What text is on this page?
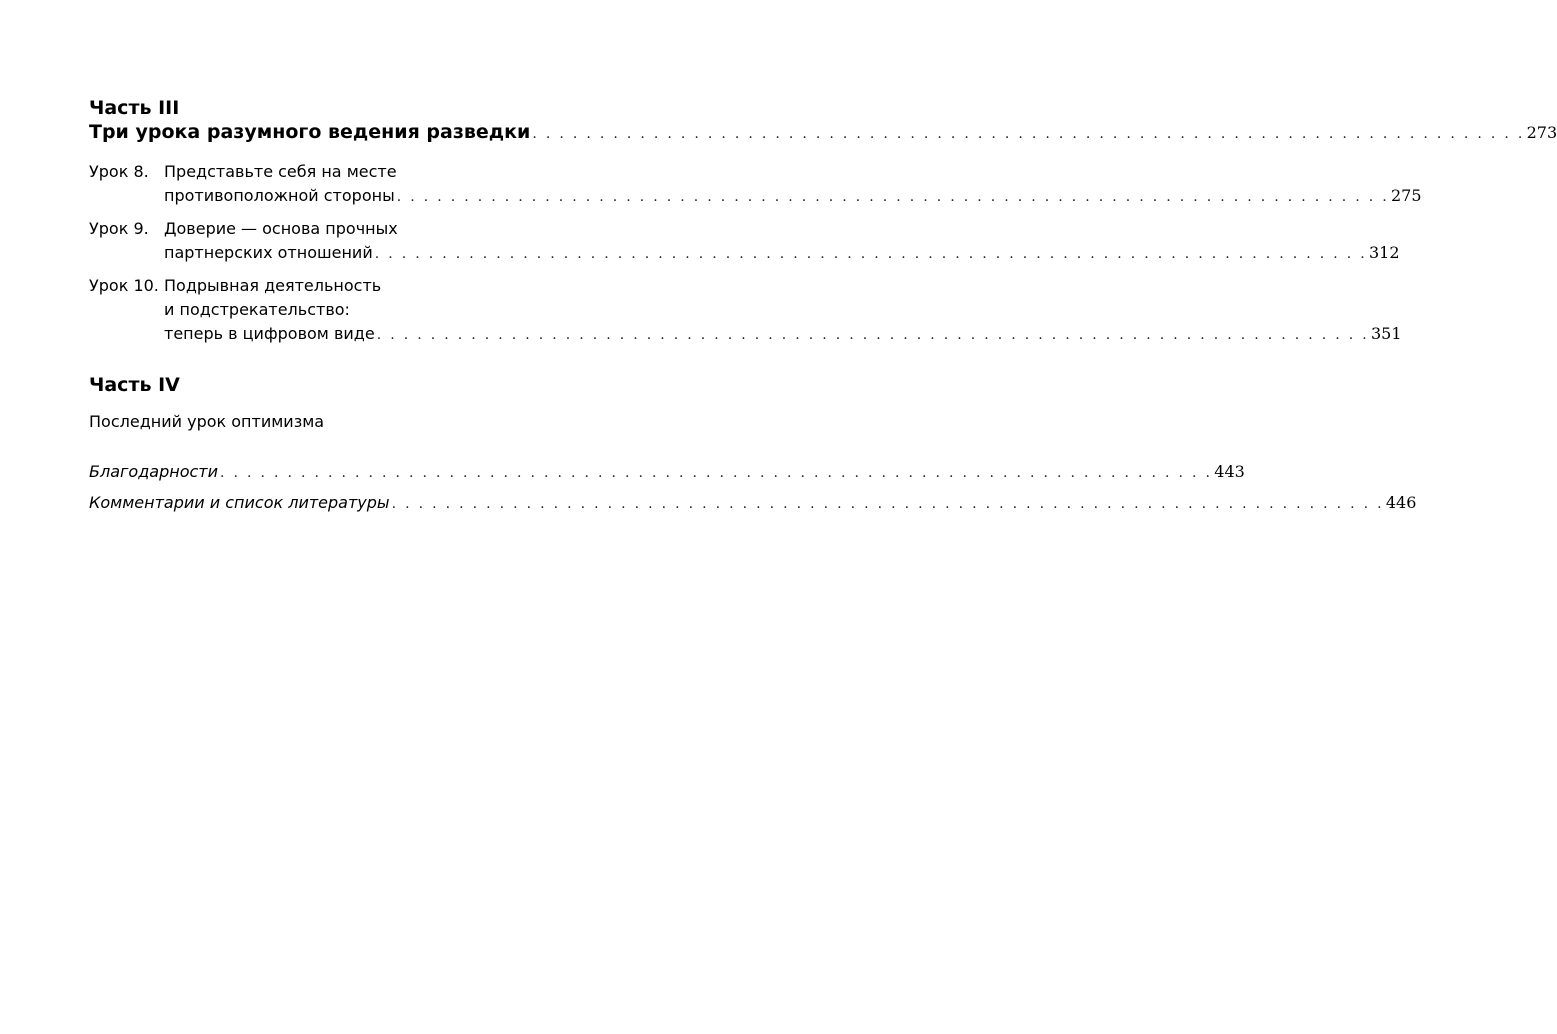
Часть III
Три урока разумного ведения разведки . . . . . . . . . . . . . . . . . . . . . . . . . . . . . . . . . . . . . . . . . . . . . . . . . . . . . . . . . . . . . . . . . . . . . . . . . . 273
Урок 8. Представьте себя на месте
противоположной стороны . . . . . . . . . . . . . . . . . . . . . . . . . . . . . . . . . . . . . . . . . . . . . . . . . . . . . . . . . . . . . . . . . . . . . . . . . . 275
Урок 9. Доверие — основа прочных
партнерских отношений . . . . . . . . . . . . . . . . . . . . . . . . . . . . . . . . . . . . . . . . . . . . . . . . . . . . . . . . . . . . . . . . . . . . . . . . . . 312
Урок 10. Подрывная деятельность
и подстрекательство:
теперь в цифровом виде . . . . . . . . . . . . . . . . . . . . . . . . . . . . . . . . . . . . . . . . . . . . . . . . . . . . . . . . . . . . . . . . . . . . . . . . . . 351
Часть IV
Последний урок оптимизма
Благодарности . . . . . . . . . . . . . . . . . . . . . . . . . . . . . . . . . . . . . . . . . . . . . . . . . . . . . . . . . . . . . . . . . . . . . . . . . . 443
Комментарии и список литературы . . . . . . . . . . . . . . . . . . . . . . . . . . . . . . . . . . . . . . . . . . . . . . . . . . . . . . . . . . . . . . . . . . . . . . . . . . 446
